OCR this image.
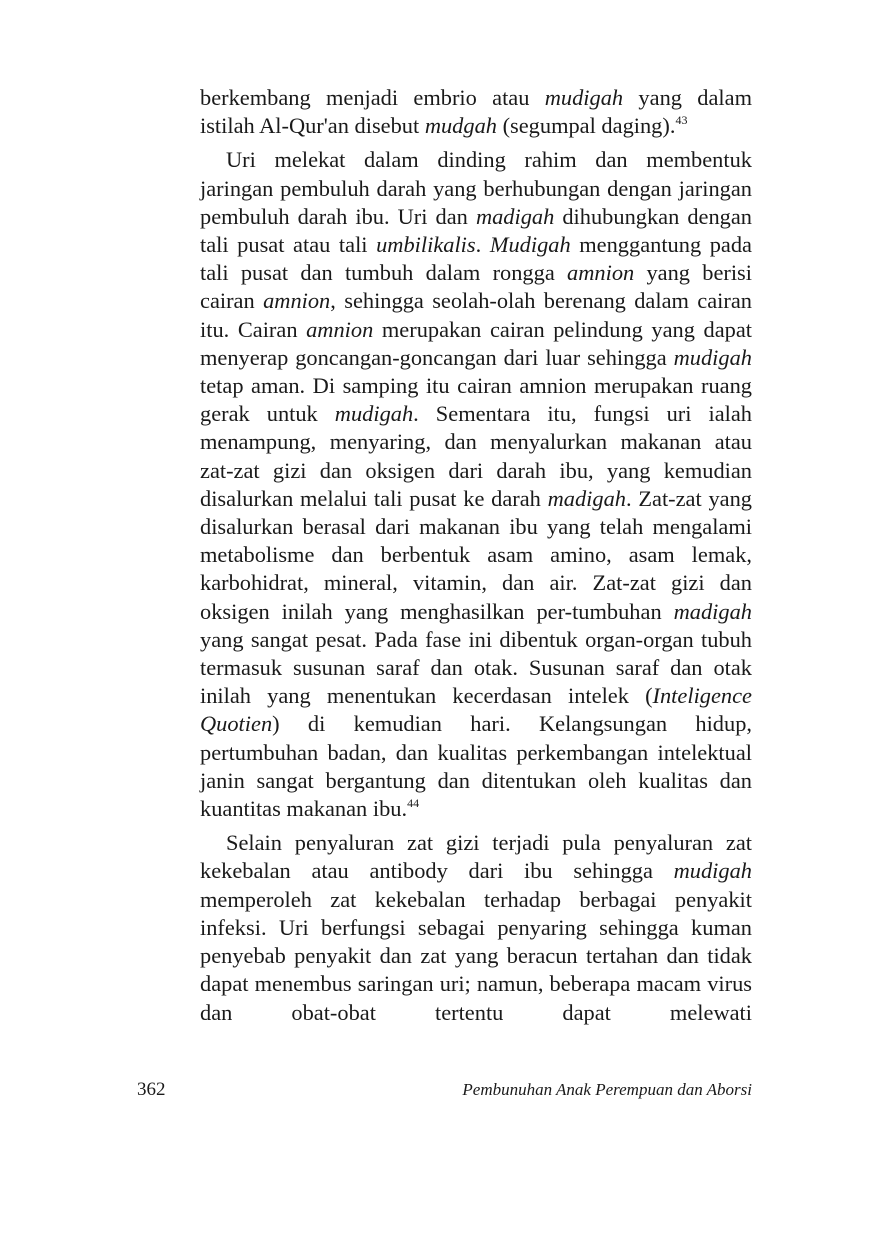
berkembang menjadi embrio atau mudigah yang dalam istilah Al-Qur'an disebut mudgah (segumpal daging).$^{43}$

Uri melekat dalam dinding rahim dan membentuk jaringan pembuluh darah yang berhubungan dengan jaringan pembuluh darah ibu. Uri dan madigah dihubungkan dengan tali pusat atau tali umbilikalis. Mudigah menggantung pada tali pusat dan tumbuh dalam rongga amnion yang berisi cairan amnion, sehingga seolah-olah berenang dalam cairan itu. Cairan amnion merupakan cairan pelindung yang dapat menyerap goncangan-goncangan dari luar sehingga mudigah tetap aman. Di samping itu cairan amnion merupakan ruang gerak untuk mudigah. Sementara itu, fungsi uri ialah menampung, menyaring, dan menyalurkan makanan atau zat-zat gizi dan oksigen dari darah ibu, yang kemudian disalurkan melalui tali pusat ke darah madigah. Zat-zat yang disalurkan berasal dari makanan ibu yang telah mengalami metabolisme dan berbentuk asam amino, asam lemak, karbohidrat, mineral, vitamin, dan air. Zat-zat gizi dan oksigen inilah yang menghasilkan per-tumbuhan madigah yang sangat pesat. Pada fase ini dibentuk organ-organ tubuh termasuk susunan saraf dan otak. Susunan saraf dan otak inilah yang menentukan kecerdasan intelek (Inteligence Quotien) di kemudian hari. Kelangsungan hidup, pertumbuhan badan, dan kualitas perkembangan intelektual janin sangat bergantung dan ditentukan oleh kualitas dan kuantitas makanan ibu.$^{44}$

Selain penyaluran zat gizi terjadi pula penyaluran zat kekebalan atau antibody dari ibu sehingga mudigah memperoleh zat kekebalan terhadap berbagai penyakit infeksi. Uri berfungsi sebagai penyaring sehingga kuman penyebab penyakit dan zat yang beracun tertahan dan tidak dapat menembus saringan uri; namun, beberapa macam virus dan obat-obat tertentu dapat melewati

362	Pembunuhan Anak Perempuan dan Aborsi
